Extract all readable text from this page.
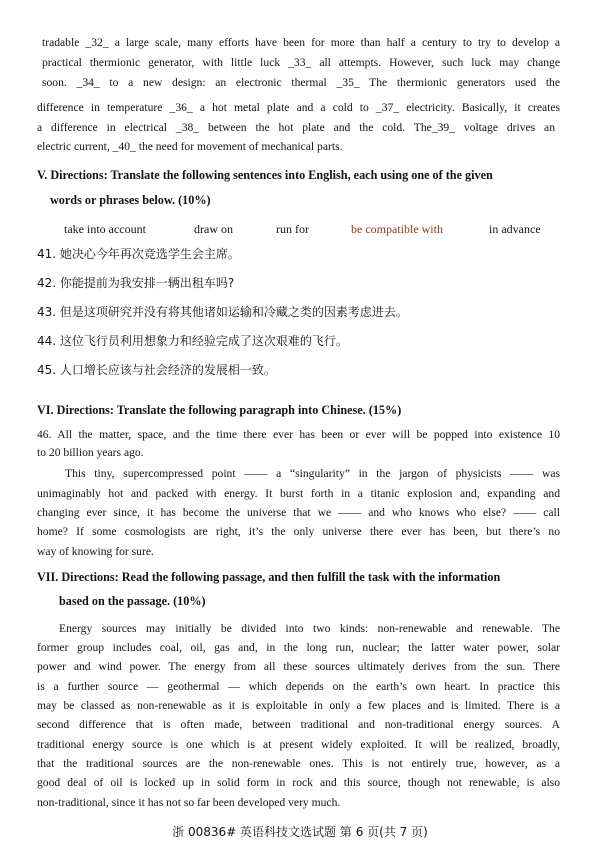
tradable _32_ a large scale, many efforts have been for more than half a century to try to develop a
practical thermionic generator, with little luck _33_ all attempts. However, such luck may change
soon. _34_ to a new design: an electronic thermal _35_ The thermionic generators used the
difference in temperature _36_ a hot metal plate and a cold to _37_ electricity. Basically, it creates
a difference in electrical _38_ between the hot plate and the cold. The_39_ voltage drives an
electric current, _40_ the need for movement of mechanical parts.
V. Directions: Translate the following sentences into English, each using one of the given
words or phrases below. (10%)
take into account	draw on	run for	be compatible with	in advance
41. 她决心今年再次竞选学生会主席。
42. 你能提前为我安排一辆出租车吗?
43. 但是这项研究并没有将其他诸如运输和冷藏之类的因素考虑进去。
44. 这位飞行员利用想象力和经验完成了这次艰难的飞行。
45. 人口增长应该与社会经济的发展相一致。
VI. Directions: Translate the following paragraph into Chinese. (15%)
46. All the matter, space, and the time there ever has been or ever will be popped into existence 10
to 20 billion years ago.
This tiny, supercompressed point —— a “singularity” in the jargon of physicists —— was
unimaginably hot and packed with energy. It burst forth in a titanic explosion and, expanding and
changing ever since, it has become the universe that we —— and who knows who else? —— call
home? If some cosmologists are right, it’s the only universe there ever has been, but there’s no
way of knowing for sure.
VII. Directions: Read the following passage, and then fulfill the task with the information
based on the passage. (10%)
Energy sources may initially be divided into two kinds: non-renewable and renewable. The
former group includes coal, oil, gas and, in the long run, nuclear; the latter water power, solar
power and wind power. The energy from all these sources ultimately derives from the sun. There
is a further source — geothermal — which depends on the earth’s own heart. In practice this
may be classed as non-renewable as it is exploitable in only a few places and is limited. There is a
second difference that is often made, between traditional and non-traditional energy sources. A
traditional energy source is one which is at present widely exploited. It will be realized, broadly,
that the traditional sources are the non-renewable ones. This is not entirely true, however, as a
good deal of oil is locked up in solid form in rock and this source, though not renewable, is also
non-traditional, since it has not so far been developed very much.
浙 00836# 英语科技文选试题 第 6 页(共 7 页)
